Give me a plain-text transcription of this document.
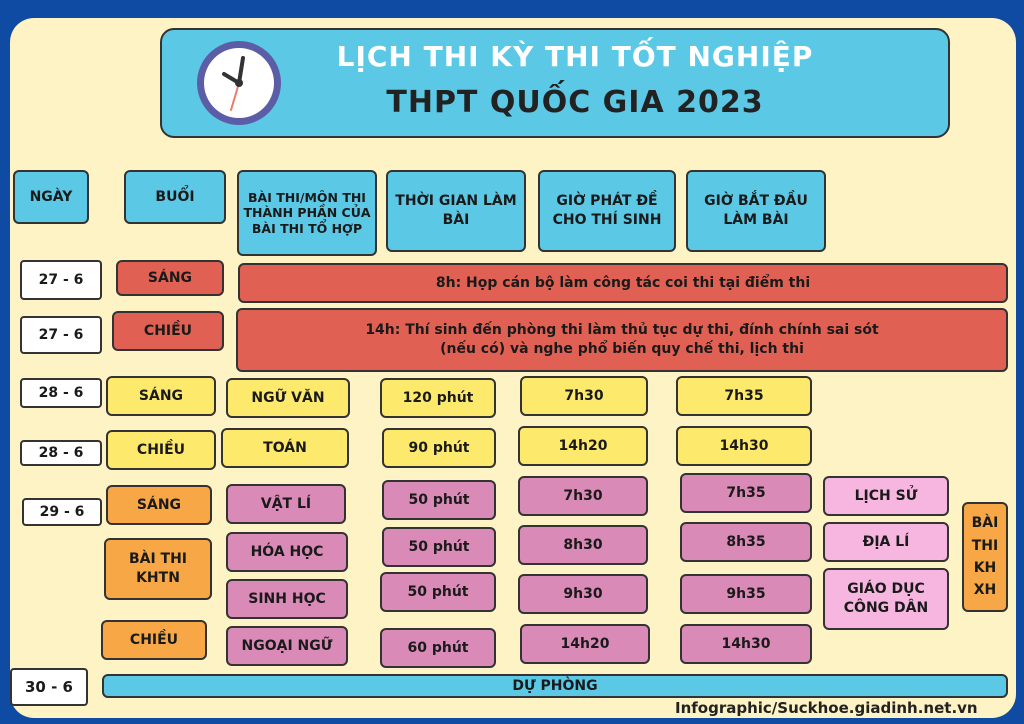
LỊCH THI KỲ THI TỐT NGHIỆP
THPT QUỐC GIA 2023
NGÀY	BUỔI	BÀI THI/MÔN THI THÀNH PHẦN CỦA BÀI THI TỔ HỢP
THỜI GIAN LÀM BÀI
GIỜ PHÁT ĐỀ CHO THÍ SINH
GIỜ BẮT ĐẦU LÀM BÀI
27 - 6
27 - 6
28 - 6
28 - 6
29 - 6
30 - 6
SÁNG
CHIỀU
SÁNG
CHIỀU
SÁNG
BÀI THI KHTN
CHIỀU
8h: Họp cán bộ làm công tác coi thi tại điểm thi
14h: Thí sinh đến phòng thi làm thủ tục dự thi, đính chính sai sót (nếu có) và nghe phổ biến quy chế thi, lịch thi
NGỮ VĂN
TOÁN
VẬT LÍ
HÓA HỌC
SINH HỌC
NGOẠI NGỮ
120 phút
90 phút
50 phút
50 phút
50 phút
60 phút
7h30
14h20
7h30
8h30
9h30
14h20
7h35
14h30
7h35
8h35
9h35
14h30
LỊCH SỬ
ĐỊA LÍ
GIÁO DỤC CÔNG DÂN
BÀI THI KH XH
DỰ PHÒNG
Infographic/Suckhoe.giadinh.net.vn
